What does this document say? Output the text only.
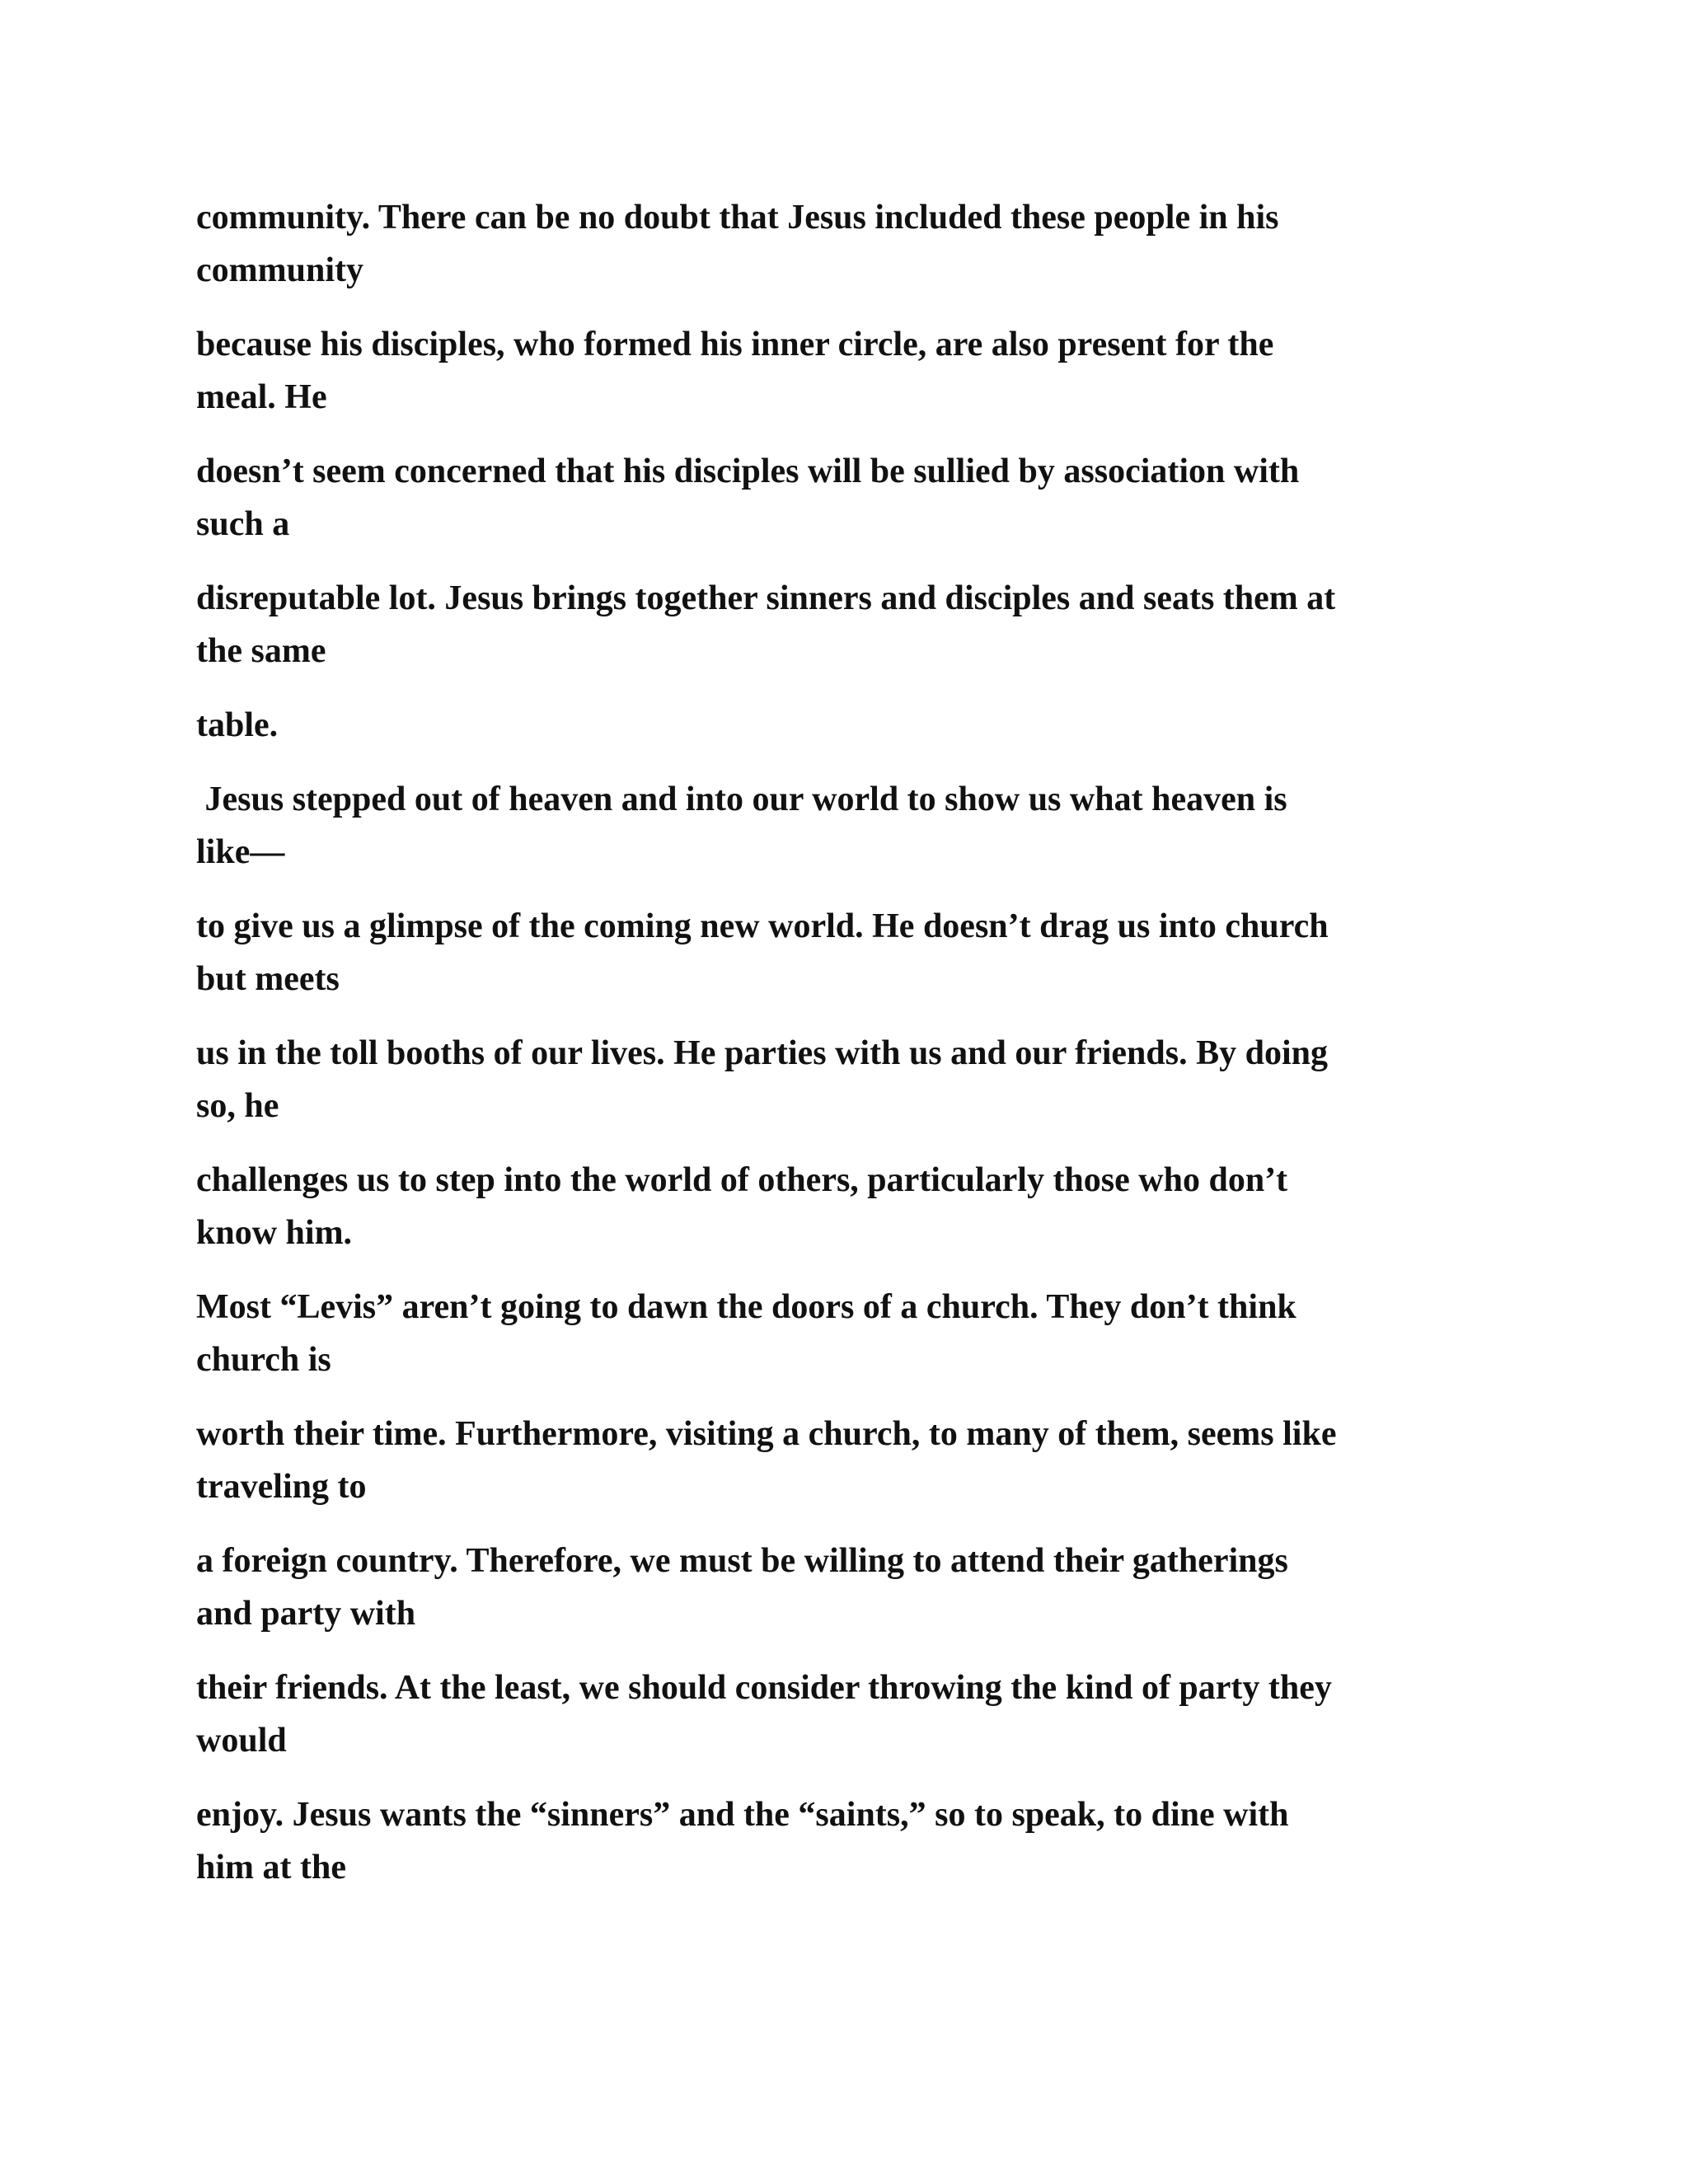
community. There can be no doubt that Jesus included these people in his
community

because his disciples, who formed his inner circle, are also present for the
meal. He

doesn’t seem concerned that his disciples will be sullied by association with
such a

disreputable lot. Jesus brings together sinners and disciples and seats them at
the same

table.

Jesus stepped out of heaven and into our world to show us what heaven is
like—

to give us a glimpse of the coming new world. He doesn’t drag us into church
but meets

us in the toll booths of our lives. He parties with us and our friends. By doing
so, he

challenges us to step into the world of others, particularly those who don’t
know him.

Most “Levis” aren’t going to dawn the doors of a church. They don’t think
church is

worth their time. Furthermore, visiting a church, to many of them, seems like
traveling to

a foreign country. Therefore, we must be willing to attend their gatherings
and party with

their friends. At the least, we should consider throwing the kind of party they
would

enjoy. Jesus wants the “sinners” and the “saints,” so to speak, to dine with
him at the
